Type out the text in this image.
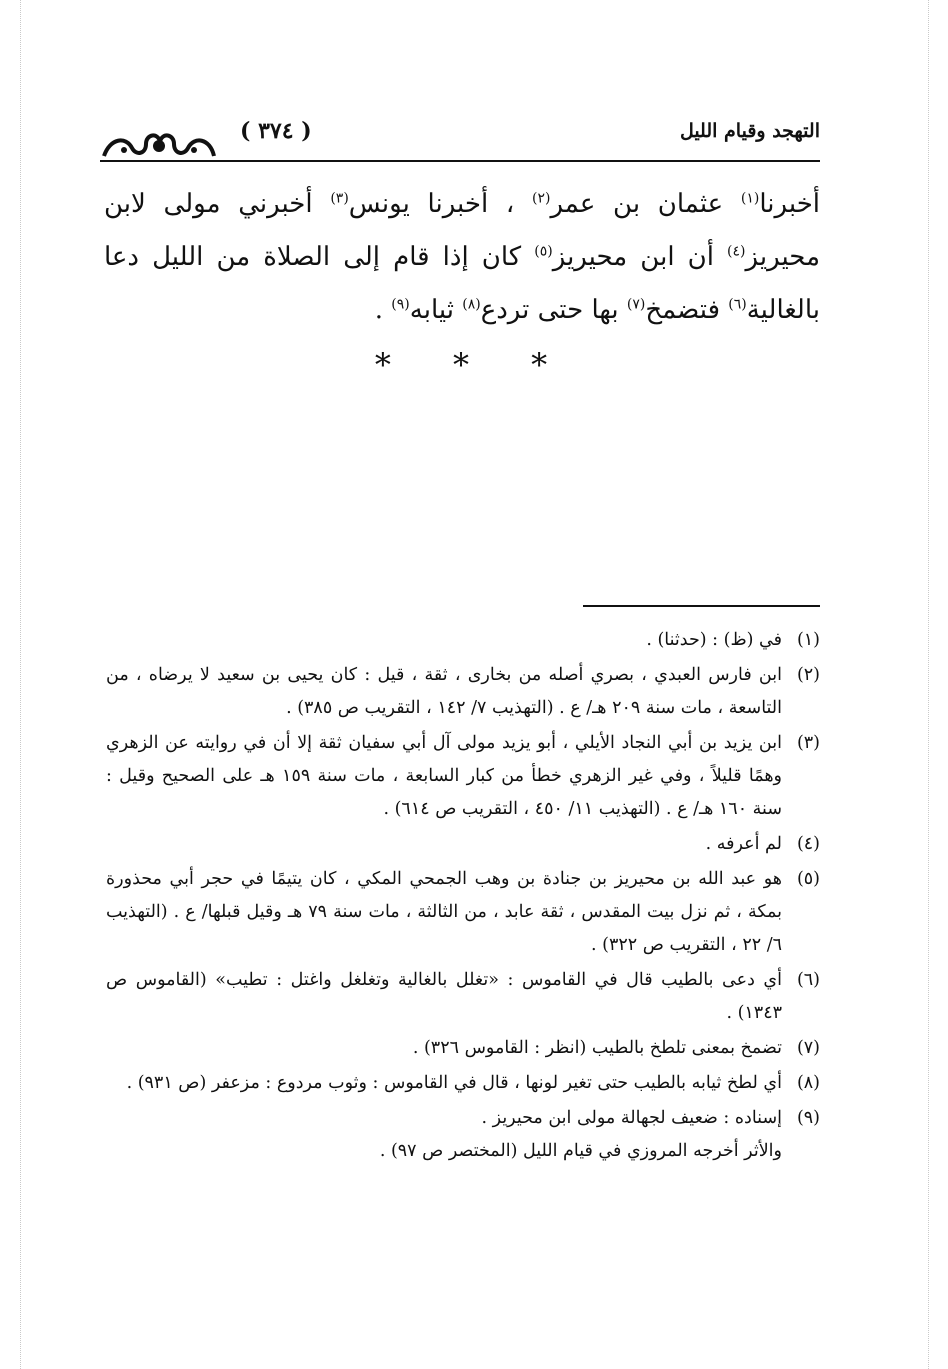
( ٣٧٤ )	التهجد وقيام الليل
أخبرنا$^{(١)}$ عثمان بن عمر$^{(٢)}$ ، أخبرنا يونس$^{(٣)}$ أخبرني مولى لابن محيريز$^{(٤)}$ أن ابن محيريز$^{(٥)}$ كان إذا قام إلى الصلاة من الليل دعا بالغالية$^{(٦)}$ فتضمخ$^{(٧)}$ بها حتى تردع$^{(٨)}$ ثيابه$^{(٩)}$ .
* * *
(١)

في (ظ) : (حدثنا) .

(٢)

ابن فارس العبدي ، بصري أصله من بخارى ، ثقة ، قيل : كان يحيى بن سعيد لا يرضاه ، من التاسعة ، مات سنة ٢٠٩ هـ/ ع . (التهذيب ٧/ ١٤٢ ، التقريب ص ٣٨٥) .

(٣)

ابن يزيد بن أبي النجاد الأيلي ، أبو يزيد مولى آل أبي سفيان ثقة إلا أن في روايته عن الزهري وهمًا قليلاً ، وفي غير الزهري خطأ من كبار السابعة ، مات سنة ١٥٩ هـ على الصحيح وقيل : سنة ١٦٠ هـ/ ع . (التهذيب ١١/ ٤٥٠ ، التقريب ص ٦١٤) .

(٤)

لم أعرفه .

(٥)

هو عبد الله بن محيريز بن جنادة بن وهب الجمحي المكي ، كان يتيمًا في حجر أبي محذورة بمكة ، ثم نزل بيت المقدس ، ثقة عابد ، من الثالثة ، مات سنة ٧٩ هـ وقيل قبلها/ ع . (التهذيب ٦/ ٢٢ ، التقريب ص ٣٢٢) .

(٦)

أي دعى بالطيب قال في القاموس : «تغلل بالغالية وتغلغل واغتل : تطيب» (القاموس ص ١٣٤٣) .

(٧)

تضمخ بمعنى تلطخ بالطيب (انظر : القاموس ٣٢٦) .

(٨)

أي لطخ ثيابه بالطيب حتى تغير لونها ، قال في القاموس : وثوب مردوع : مزعفر (ص ٩٣١) .

(٩)

إسناده : ضعيف لجهالة مولى ابن محيريز .

والأثر أخرجه المروزي في قيام الليل (المختصر ص ٩٧) .
